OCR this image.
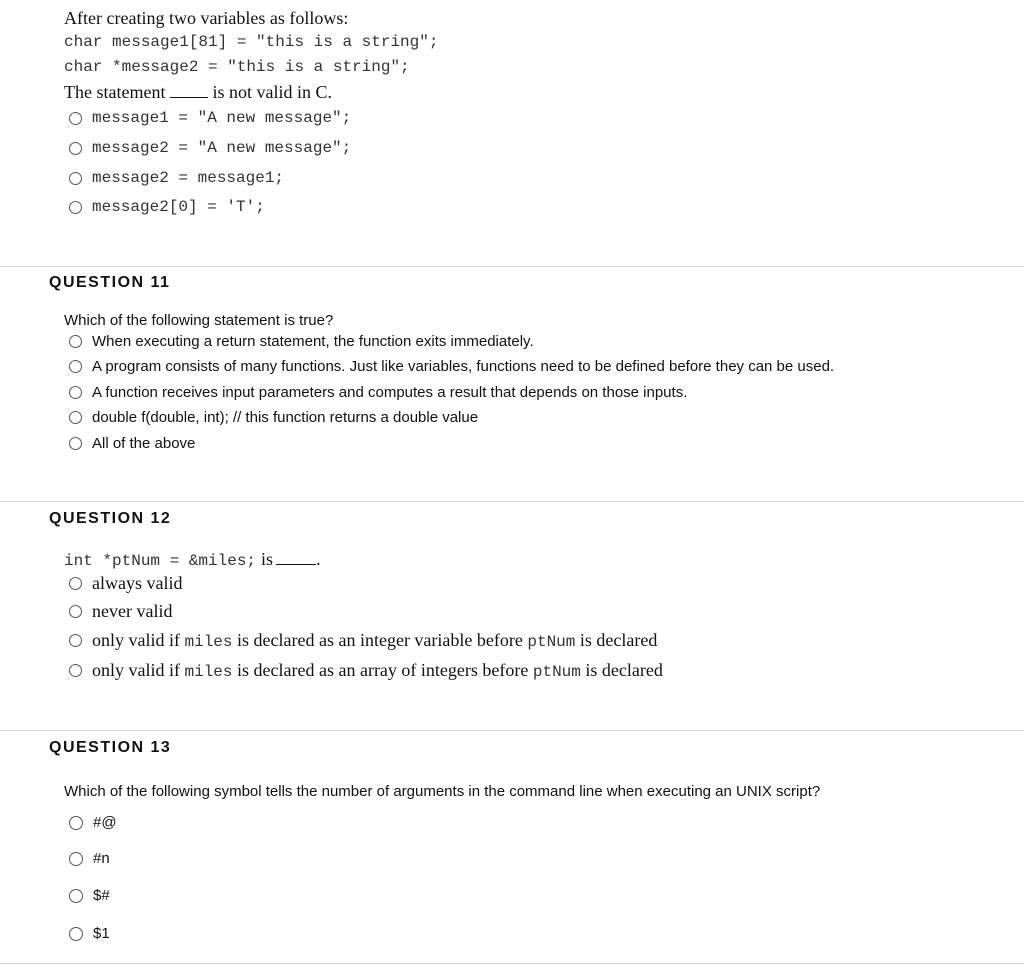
After creating two variables as follows:
char message1[81] = "this is a string";
char *message2 = "this is a string";
The statement	is not valid in C.
message1 = "A new message";
message2 = "A new message";
message2 = message1;
message2[0] = 'T';
QUESTION 11
Which of the following statement is true?
When executing a return statement, the function exits immediately.
A program consists of many functions. Just like variables, functions need to be defined before they can be used.
A function receives input parameters and computes a result that depends on those inputs.
double f(double, int); // this function returns a double value
All of the above
QUESTION 12
int *ptNum = &miles; is .
always valid
never valid
only valid if miles is declared as an integer variable before ptNum is declared
only valid if miles is declared as an array of integers before ptNum is declared
QUESTION 13
Which of the following symbol tells the number of arguments in the command line when executing an UNIX script?
#@
#n
$#
$1
